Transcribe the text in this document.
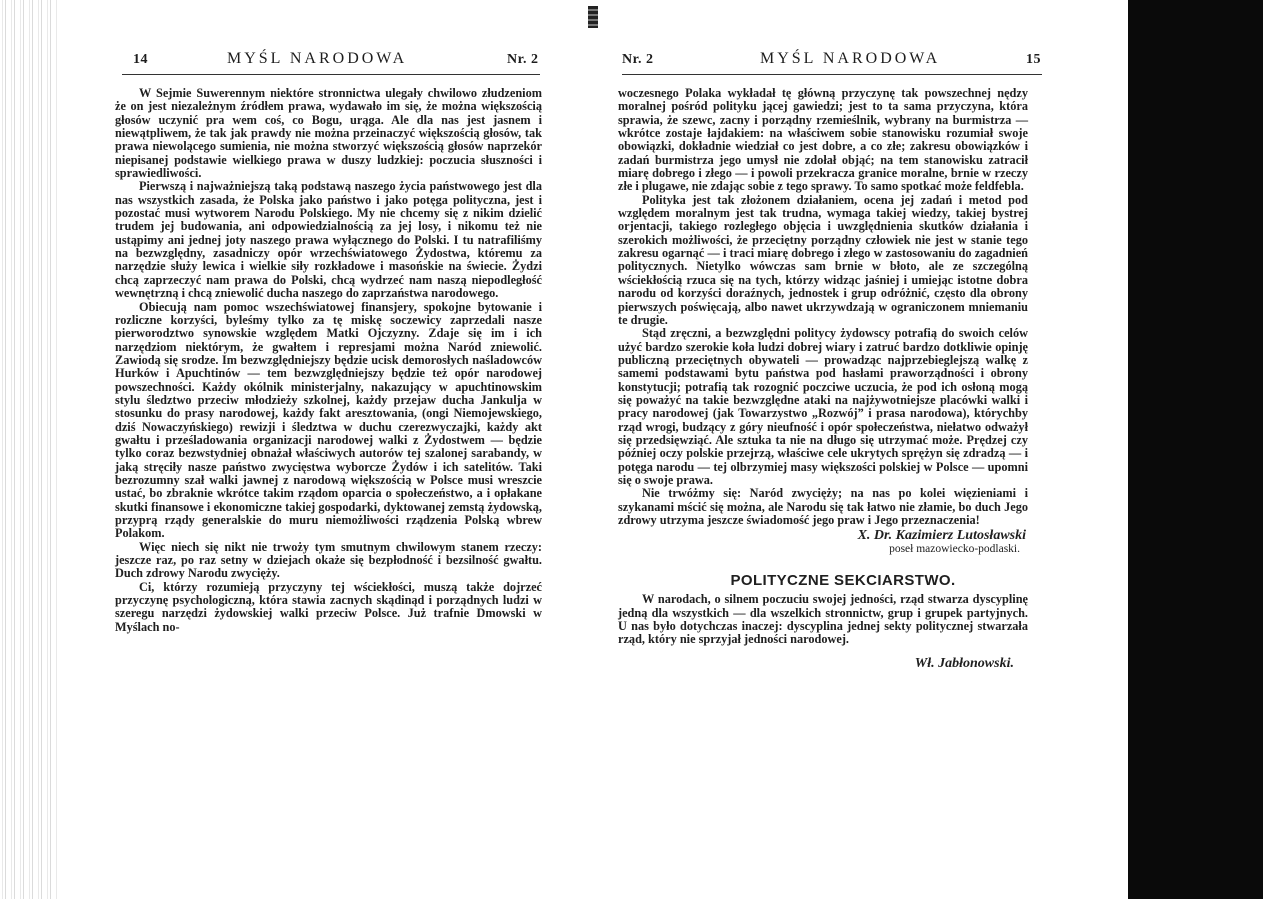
14	MYŚL NARODOWA	Nr. 2

W Sejmie Suwerennym niektóre stronnictwa ulegały chwilowo złudzeniom że on jest niezależnym źródłem prawa, wydawało im się, że można większością głosów uczynić pra wem coś, co Bogu, urąga. Ale dla nas jest jasnem i niewątpliwem, że tak jak prawdy nie można przeinaczyć większością głosów, tak prawa niewolącego sumienia, nie można stworzyć większością głosów naprzekór niepisanej podstawie wielkiego prawa w duszy ludzkiej: poczucia słuszności i sprawiedliwości.

Pierwszą i najważniejszą taką podstawą naszego życia państwowego jest dla nas wszystkich zasada, że Polska jako państwo i jako potęga polityczna, jest i pozostać musi wytworem Narodu Polskiego. My nie chcemy się z nikim dzielić trudem jej budowania, ani odpowiedzialnością za jej losy, i nikomu też nie ustąpimy ani jednej joty naszego prawa wyłącznego do Polski. I tu natrafiliśmy na bezwzględny, zasadniczy opór wrzechświatowego Żydostwa, któremu za narzędzie służy lewica i wielkie siły rozkładowe i masońskie na świecie. Żydzi chcą zaprzeczyć nam prawa do Polski, chcą wydrzeć nam naszą niepodległość wewnętrzną i chcą zniewolić ducha naszego do zaprzaństwa narodowego.

Obiecują nam pomoc wszechświatowej finansjery, spokojne bytowanie i rozliczne korzyści, byleśmy tylko za tę miskę soczewicy zaprzedali nasze pierworodztwo synowskie względem Matki Ojczyzny. Zdaje się im i ich narzędziom niektórym, że gwałtem i represjami można Naród zniewolić. Zawiodą się srodze. Im bezwzględniejszy będzie ucisk demorosłych naśladowców Hurków i Apuchtinów — tem bezwzględniejszy będzie też opór narodowej powszechności. Każdy okólnik ministerjalny, nakazujący w apuchtinowskim stylu śledztwo przeciw młodzieży szkolnej, każdy przejaw ducha Jankulja w stosunku do prasy narodowej, każdy fakt aresztowania, (ongi Niemojewskiego, dziś Nowaczyńskiego) rewizji i śledztwa w duchu czerezwyczajki, każdy akt gwałtu i prześladowania organizacji narodowej walki z Żydostwem — będzie tylko coraz bezwstydniej obnażał właściwych autorów tej szalonej sarabandy, w jaką stręciły nasze państwo zwycięstwa wyborcze Żydów i ich satelitów. Taki bezrozumny szał walki jawnej z narodową większością w Polsce musi wreszcie ustać, bo zbraknie wkrótce takim rządom oparcia o społeczeństwo, a i opłakane skutki finansowe i ekonomiczne takiej gospodarki, dyktowanej zemstą żydowską, przyprą rządy generalskie do muru niemożliwości rządzenia Polską wbrew Polakom.

Więc niech się nikt nie trwoży tym smutnym chwilowym stanem rzeczy: jeszcze raz, po raz setny w dziejach okaże się bezpłodność i bezsilność gwałtu. Duch zdrowy Narodu zwycięży.

Ci, którzy rozumieją przyczyny tej wściekłości, muszą także dojrzeć przyczynę psychologiczną, która stawia zacnych skądinąd i porządnych ludzi w szeregu narzędzi żydowskiej walki przeciw Polsce. Już trafnie Dmowski w Myślach no-

Nr. 2	MYŚL NARODOWA	15

woczesnego Polaka wykładał tę główną przyczynę tak powszechnej nędzy moralnej pośród polityku jącej gawiedzi; jest to ta sama przyczyna, która sprawia, że szewc, zacny i porządny rzemieślnik, wybrany na burmistrza — wkrótce zostaje łajdakiem: na właściwem sobie stanowisku rozumiał swoje obowiązki, dokładnie wiedział co jest dobre, a co złe; zakresu obowiązków i zadań burmistrza jego umysł nie zdołał objąć; na tem stanowisku zatracił miarę dobrego i złego — i powoli przekracza granice moralne, brnie w rzeczy złe i plugawe, nie zdając sobie z tego sprawy. To samo spotkać może feldfebla.

Polityka jest tak złożonem działaniem, ocena jej zadań i metod pod względem moralnym jest tak trudna, wymaga takiej wiedzy, takiej bystrej orjentacji, takiego rozległego objęcia i uwzględnienia skutków działania i szerokich możliwości, że przeciętny porządny człowiek nie jest w stanie tego zakresu ogarnąć — i traci miarę dobrego i złego w zastosowaniu do zagadnień politycznych. Nietylko wówczas sam brnie w błoto, ale ze szczególną wściekłością rzuca się na tych, którzy widząc jaśniej i umiejąc istotne dobra narodu od korzyści doraźnych, jednostek i grup odróżnić, często dla obrony pierwszych poświęcają, albo nawet ukrzywdzają w ograniczonem mniemaniu te drugie.

Stąd zręczni, a bezwzględni politycy żydowscy potrafią do swoich celów użyć bardzo szerokie koła ludzi dobrej wiary i zatruć bardzo dotkliwie opinję publiczną przeciętnych obywateli — prowadząc najprzebieglejszą walkę z samemi podstawami bytu państwa pod hasłami praworządności i obrony konstytucji; potrafią tak rozognić poczciwe uczucia, że pod ich osłoną mogą się poważyć na takie bezwzględne ataki na najżywotniejsze placówki walki i pracy narodowej (jak Towarzystwo „Rozwój” i prasa narodowa), którychby rząd wrogi, budzący z góry nieufność i opór społeczeństwa, niełatwo odważył się przedsięwziąć. Ale sztuka ta nie na długo się utrzymać może. Prędzej czy później oczy polskie przejrzą, właściwe cele ukrytych sprężyn się zdradzą — i potęga narodu — tej olbrzymiej masy większości polskiej w Polsce — upomni się o swoje prawa.

Nie trwóżmy się: Naród zwycięży; na nas po kolei więzieniami i szykanami mścić się można, ale Narodu się tak łatwo nie złamie, bo duch Jego zdrowy utrzyma jeszcze świadomość jego praw i Jego przeznaczenia!

X. Dr. Kazimierz Lutosławski
poseł mazowiecko-podlaski.
POLITYCZNE SEKCIARSTWO.

W narodach, o silnem poczuciu swojej jedności, rząd stwarza dyscyplinę jedną dla wszystkich — dla wszelkich stronnictw, grup i grupek partyjnych. U nas było dotychczas inaczej: dyscyplina jednej sekty politycznej stwarzała rząd, który nie sprzyjał jedności narodowej.

Wł. Jabłonowski.
